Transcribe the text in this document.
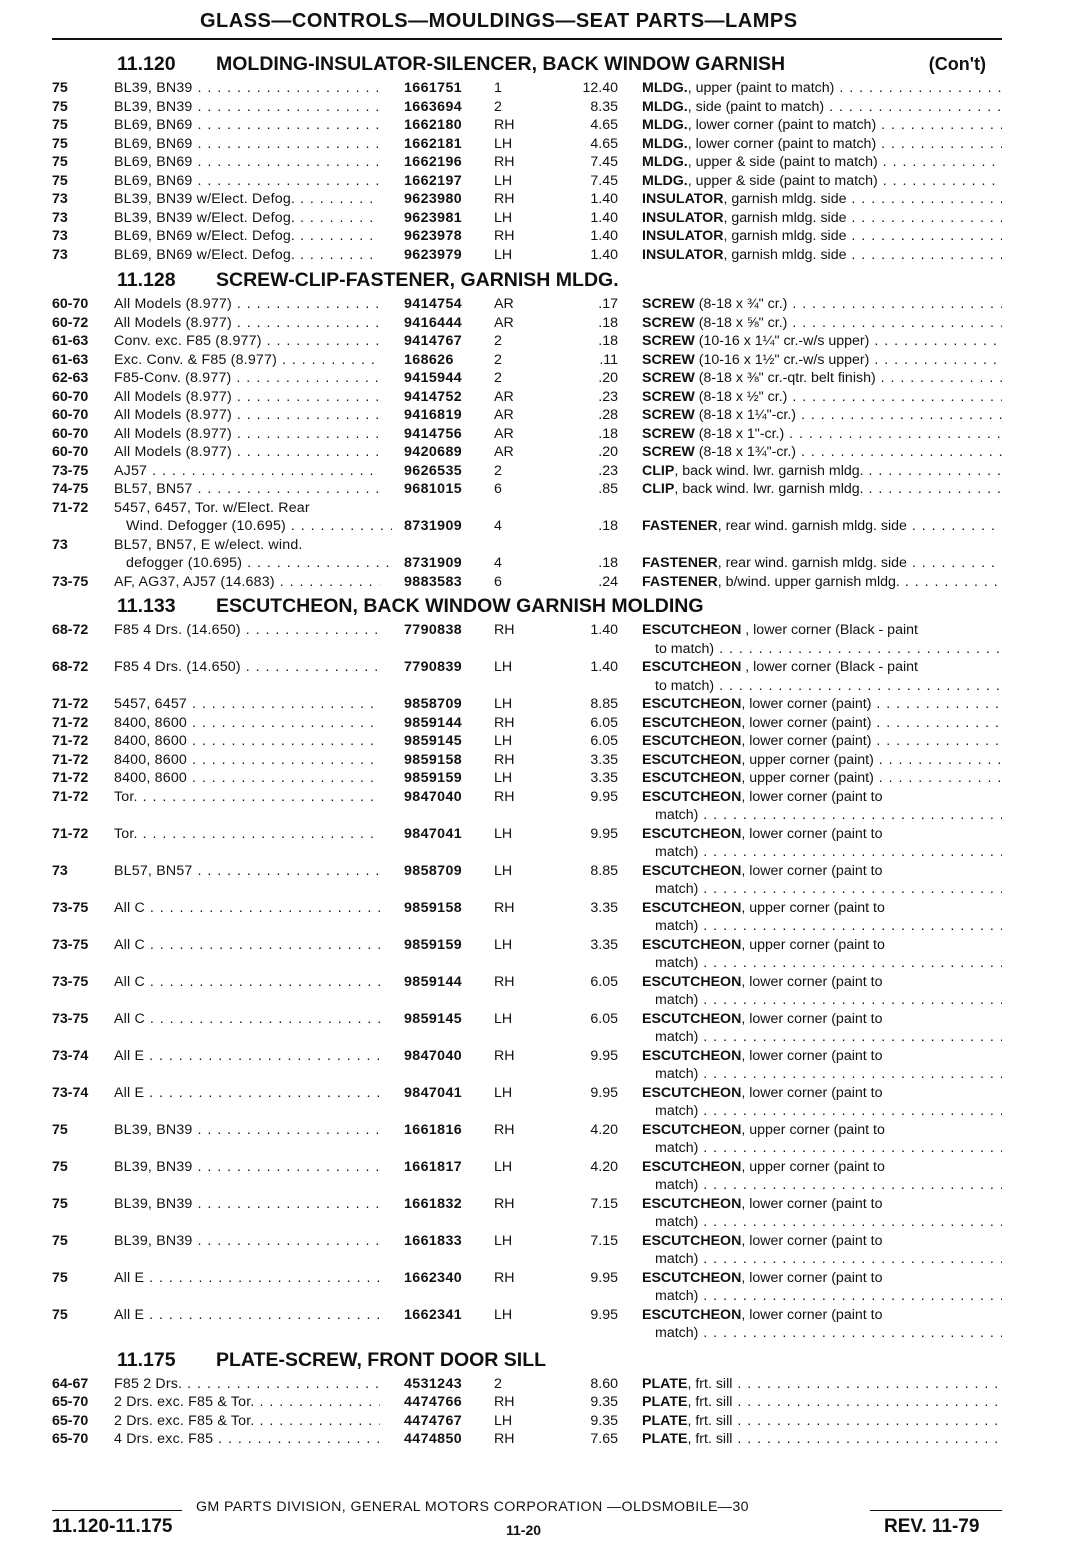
GLASS—CONTROLS—MOULDINGS—SEAT PARTS—LAMPS
11.120 MOLDING-INSULATOR-SILENCER, BACK WINDOW GARNISH	(Con't)
75	BL39, BN39 . . .	1661751 1	12.40 MLDG., upper (paint to match) . . .
75	BL39, BN39 . . .	1663694 2	8.35 MLDG., side (paint to match) . . .
75	BL69, BN69 . . .	1662180 RH	4.65 MLDG., lower corner (paint to match) . . .
75	BL69, BN69 . . .	1662181 LH	4.65 MLDG., lower corner (paint to match) . . .
75	BL69, BN69 . . .	1662196 RH	7.45 MLDG., upper & side (paint to match) . . .
75	BL69, BN69 . . .	1662197 LH	7.45 MLDG., upper & side (paint to match) . . .
73	BL39, BN39 w/Elect. Defog. . . .	9623980 RH	1.40 INSULATOR, garnish mldg. side . . .
73	BL39, BN39 w/Elect. Defog. . . .	9623981 LH	1.40 INSULATOR, garnish mldg. side . . .
73	BL69, BN69 w/Elect. Defog. . . .	9623978 RH	1.40 INSULATOR, garnish mldg. side . . .
73	BL69, BN69 w/Elect. Defog. . . .	9623979 LH	1.40 INSULATOR, garnish mldg. side . . .
11.128 SCREW-CLIP-FASTENER, GARNISH MLDG.
60-70 All Models (8.977) . . .	9414754 AR	.17 SCREW (8-18 x ¾" cr.) . . .
60-72 All Models (8.977) . . .	9416444 AR	.18 SCREW (8-18 x ⅝" cr.) . . .
61-63 Conv. exc. F85 (8.977) . . .	9414767 2	.18 SCREW (10-16 x 1¼" cr.-w/s upper) . . .
61-63 Exc. Conv. & F85 (8.977) . . .	168626	2	.11 SCREW (10-16 x 1½" cr.-w/s upper) . . .
62-63 F85-Conv. (8.977) . . .	9415944 2	.20 SCREW (8-18 x ⅜" cr.-qtr. belt finish) . . .
60-70 All Models (8.977) . . .	9414752 AR	.23 SCREW (8-18 x ½" cr.) . . .
60-70 All Models (8.977) . . .	9416819 AR	.28 SCREW (8-18 x 1¼"-cr.) . . .
60-70 All Models (8.977) . . .	9414756 AR	.18 SCREW (8-18 x 1"-cr.) . . .
60-70 All Models (8.977) . . .	9420689 AR	.20 SCREW (8-18 x 1¾"-cr.) . . .
73-75 AJ57 . . .	9626535 2	.23 CLIP, back wind. lwr. garnish mldg. . . .
74-75 BL57, BN57 . . .	9681015 6	.85 CLIP, back wind. lwr. garnish mldg. . . .
71-72 5457, 6457, Tor. w/Elect. Rear
Wind. Defogger (10.695) . . .	8731909 4	.18 FASTENER, rear wind. garnish mldg. side . . .
73	BL57, BN57, E w/elect. wind.
defogger (10.695) . . .	8731909 4	.18 FASTENER, rear wind. garnish mldg. side . . .
73-75 AF, AG37, AJ57 (14.683) . . .	9883583 6	.24 FASTENER, b/wind. upper garnish mldg. . . .
11.133 ESCUTCHEON, BACK WINDOW GARNISH MOLDING
68-72 F85 4 Drs. (14.650) . . .	7790838 RH	1.40 ESCUTCHEON , lower corner (Black - paint
to match) . . .
68-72 F85 4 Drs. (14.650) . . .	7790839 LH	1.40 ESCUTCHEON , lower corner (Black - paint
to match) . . .
71-72 5457, 6457 . . .	9858709 LH	8.85 ESCUTCHEON, lower corner (paint) . . .
71-72 8400, 8600 . . .	9859144 RH	6.05 ESCUTCHEON, lower corner (paint) . . .
71-72 8400, 8600 . . .	9859145 LH	6.05 ESCUTCHEON, lower corner (paint) . . .
71-72 8400, 8600 . . .	9859158 RH	3.35 ESCUTCHEON, upper corner (paint) . . .
71-72 8400, 8600 . . .	9859159 LH	3.35 ESCUTCHEON, upper corner (paint) . . .
71-72 Tor. . . .	9847040 RH	9.95 ESCUTCHEON, lower corner (paint to
match) . . .
71-72 Tor. . . .	9847041 LH	9.95 ESCUTCHEON, lower corner (paint to
match) . . .
73	BL57, BN57 . . .	9858709 LH	8.85 ESCUTCHEON, lower corner (paint to
match) . . .
73-75 All C . . .	9859158 RH	3.35 ESCUTCHEON, upper corner (paint to
match) . . .
73-75 All C . . .	9859159 LH	3.35 ESCUTCHEON, upper corner (paint to
match) . . .
73-75 All C . . .	9859144 RH	6.05 ESCUTCHEON, lower corner (paint to
match) . . .
73-75 All C . . .	9859145 LH	6.05 ESCUTCHEON, lower corner (paint to
match) . . .
73-74 All E . . .	9847040 RH	9.95 ESCUTCHEON, lower corner (paint to
match) . . .
73-74 All E . . .	9847041 LH	9.95 ESCUTCHEON, lower corner (paint to
match) . . .
75	BL39, BN39 . . .	1661816 RH	4.20 ESCUTCHEON, upper corner (paint to
match) . . .
75	BL39, BN39 . . .	1661817 LH	4.20 ESCUTCHEON, upper corner (paint to
match) . . .
75	BL39, BN39 . . .	1661832 RH	7.15 ESCUTCHEON, lower corner (paint to
match) . . .
75	BL39, BN39 . . .	1661833 LH	7.15 ESCUTCHEON, lower corner (paint to
match) . . .
75	All E . . .	1662340 RH	9.95 ESCUTCHEON, lower corner (paint to
match) . . .
75	All E . . .	1662341 LH	9.95 ESCUTCHEON, lower corner (paint to
match) . . .
11.175 PLATE-SCREW, FRONT DOOR SILL
64-67 F85 2 Drs. . . .	4531243 2	8.60 PLATE, frt. sill . . .
65-70 2 Drs. exc. F85 & Tor. . . .	4474766 RH	9.35 PLATE, frt. sill . . .
65-70 2 Drs. exc. F85 & Tor. . . .	4474767 LH	9.35 PLATE, frt. sill . . .
65-70 4 Drs. exc. F85 . . .	4474850 RH	7.65 PLATE, frt. sill . . .
GM PARTS DIVISION, GENERAL MOTORS CORPORATION —OLDSMOBILE—30
11.120-11.175	11-20	REV. 11-79
